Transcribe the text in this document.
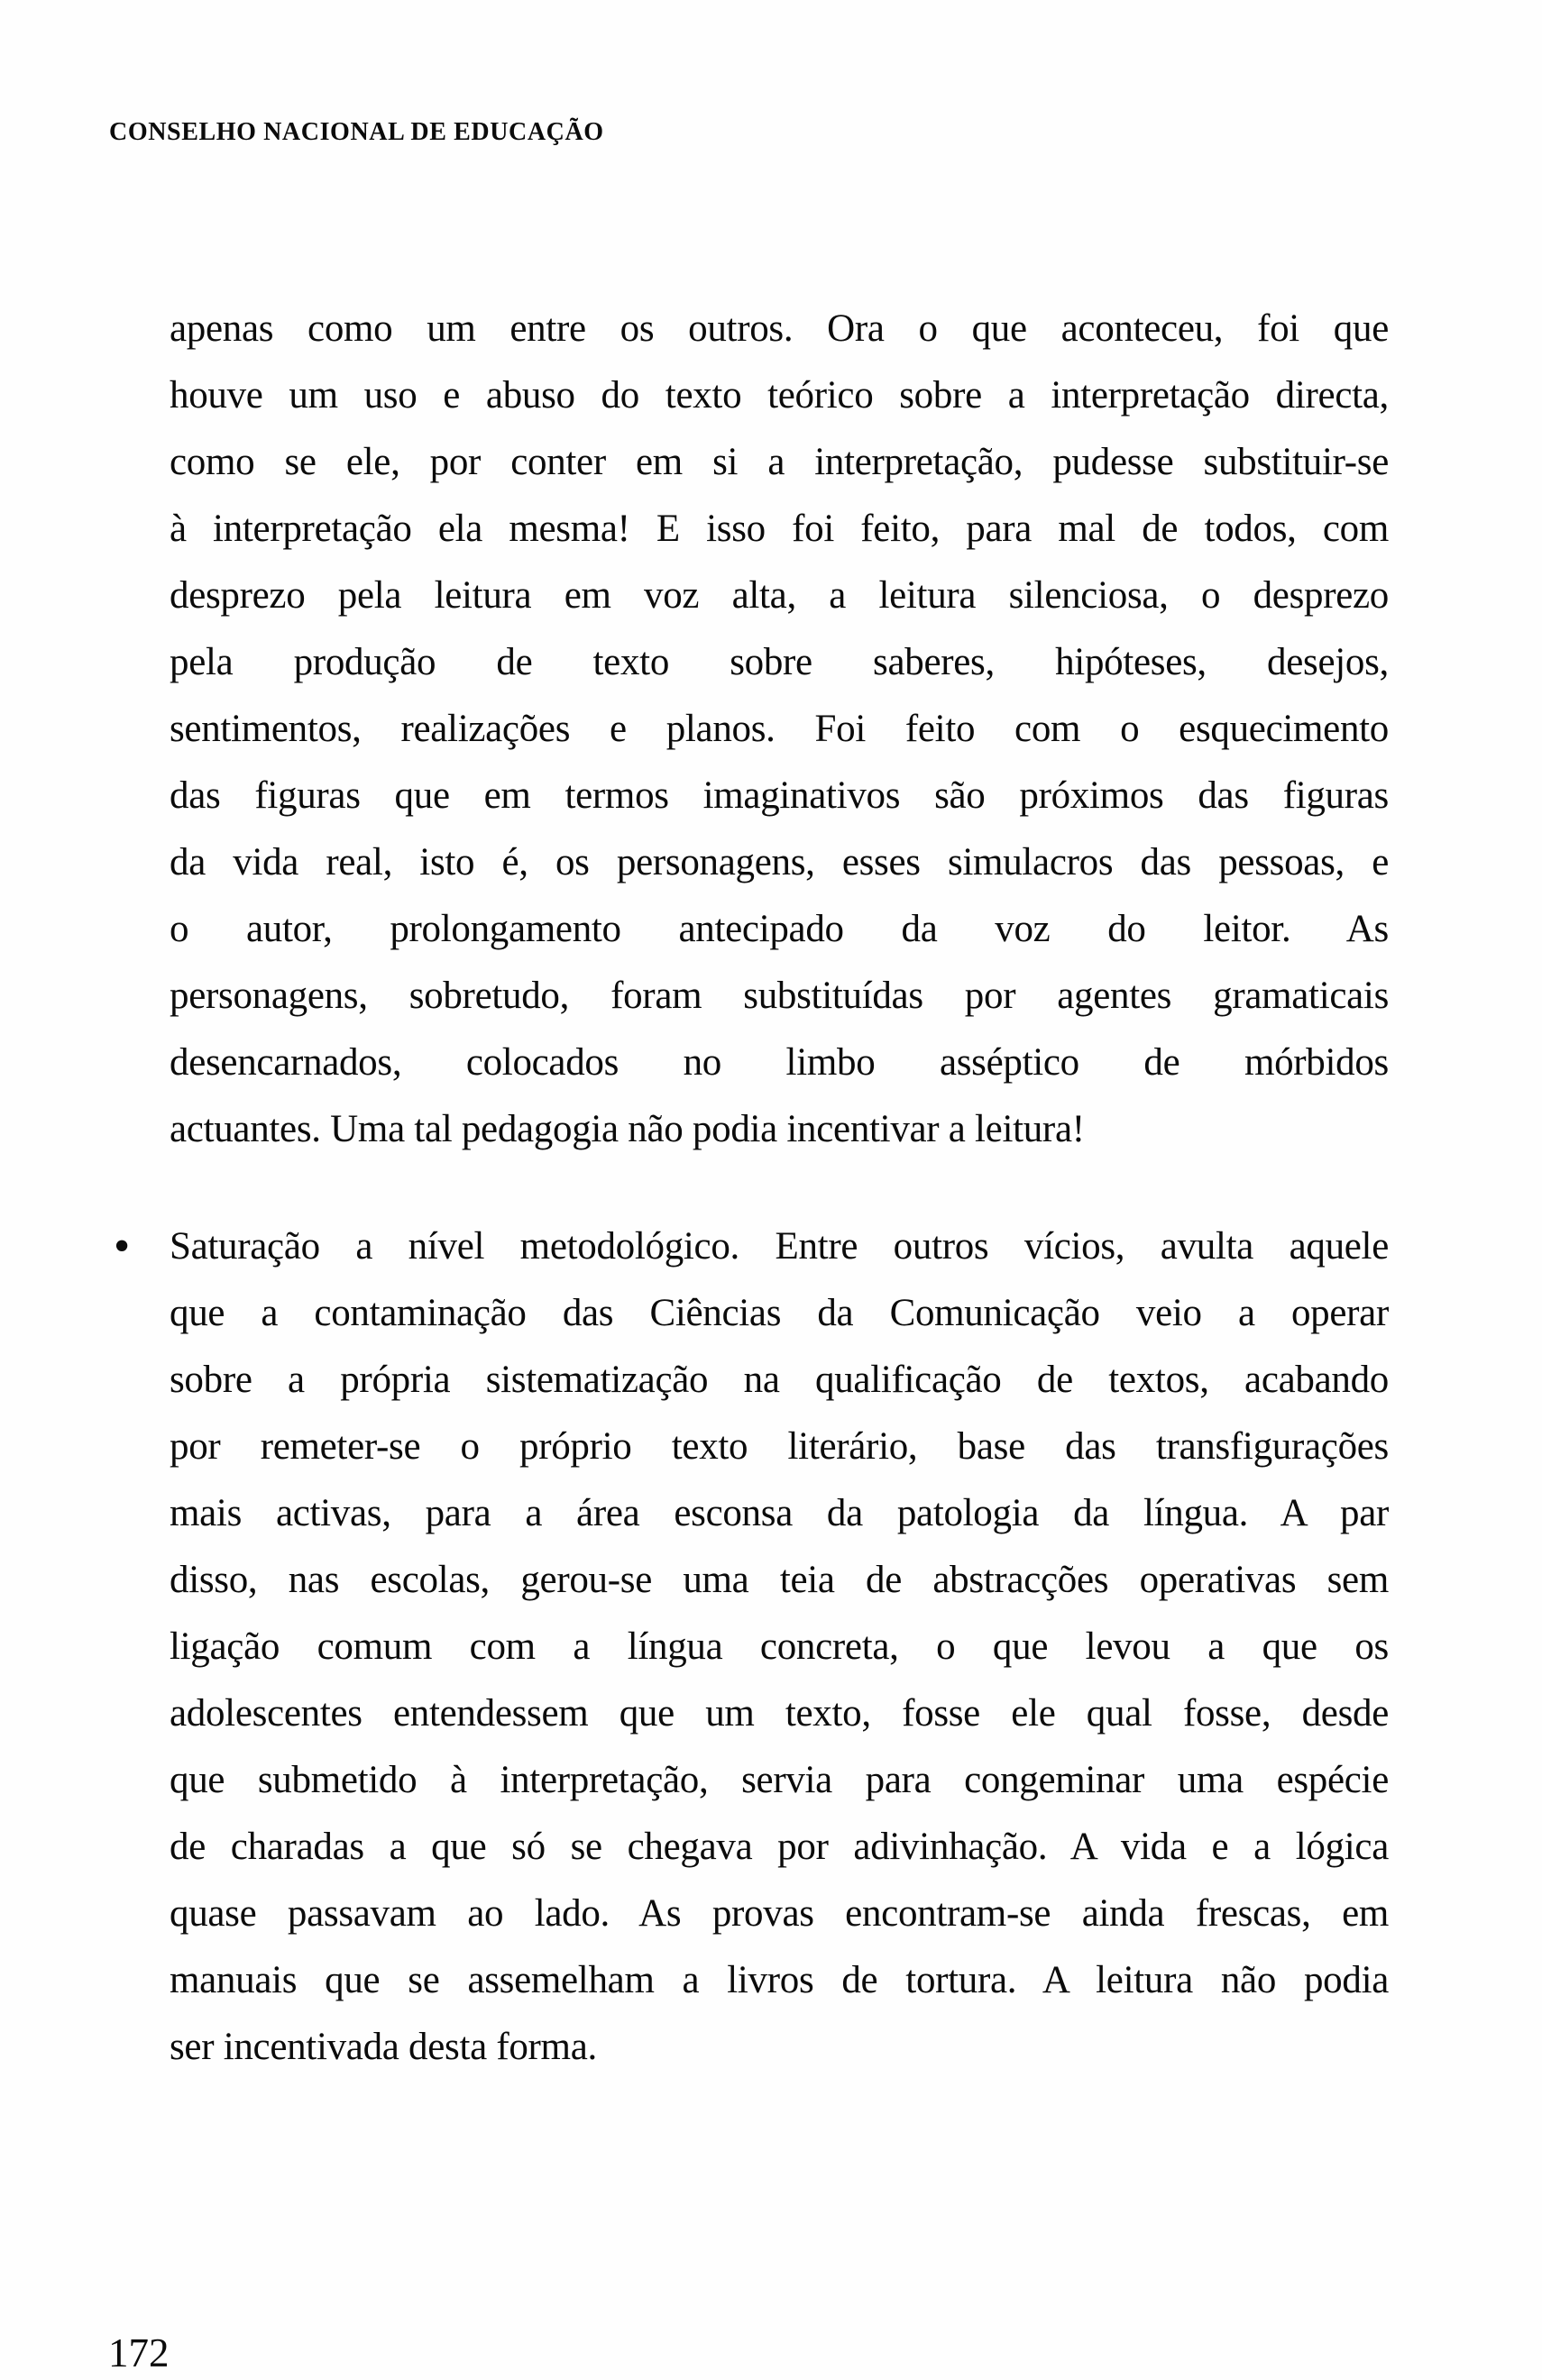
CONSELHO NACIONAL DE EDUCAÇÃO
apenas como um entre os outros. Ora o que aconteceu, foi que
houve um uso e abuso do texto teórico sobre a interpretação directa,
como se ele, por conter em si a interpretação, pudesse substituir-se
à interpretação ela mesma! E isso foi feito, para mal de todos, com
desprezo pela leitura em voz alta, a leitura silenciosa, o desprezo
pela produção de texto sobre saberes, hipóteses, desejos,
sentimentos, realizações e planos. Foi feito com o esquecimento
das figuras que em termos imaginativos são próximos das figuras
da vida real, isto é, os personagens, esses simulacros das pessoas, e
o autor, prolongamento antecipado da voz do leitor. As
personagens, sobretudo, foram substituídas por agentes gramaticais
desencarnados, colocados no limbo asséptico de mórbidos
actuantes. Uma tal pedagogia não podia incentivar a leitura!
• Saturação a nível metodológico. Entre outros vícios, avulta aquele
que a contaminação das Ciências da Comunicação veio a operar
sobre a própria sistematização na qualificação de textos, acabando
por remeter-se o próprio texto literário, base das transfigurações
mais activas, para a área esconsa da patologia da língua. A par
disso, nas escolas, gerou-se uma teia de abstracções operativas sem
ligação comum com a língua concreta, o que levou a que os
adolescentes entendessem que um texto, fosse ele qual fosse, desde
que submetido à interpretação, servia para congeminar uma espécie
de charadas a que só se chegava por adivinhação. A vida e a lógica
quase passavam ao lado. As provas encontram-se ainda frescas, em
manuais que se assemelham a livros de tortura. A leitura não podia
ser incentivada desta forma.
172
